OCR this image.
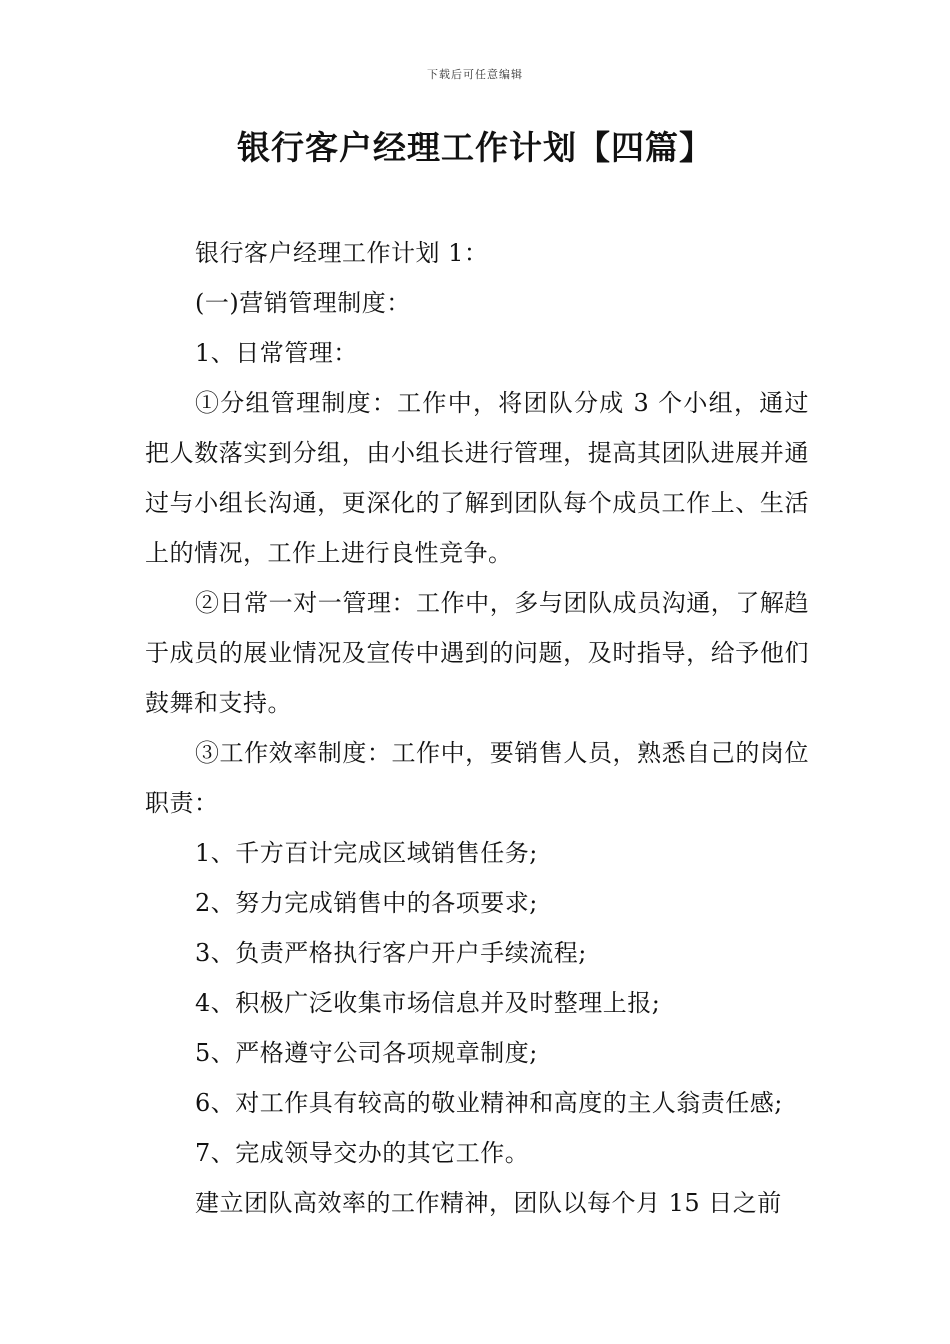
下载后可任意编辑
银行客户经理工作计划【四篇】

银行客户经理工作计划 1：

(一)营销管理制度：

1、日常管理：

①分组管理制度：工作中，将团队分成 3 个小组，通过把人数落实到分组，由小组长进行管理，提高其团队进展并通过与小组长沟通，更深化的了解到团队每个成员工作上、生活上的情况，工作上进行良性竞争。

②日常一对一管理：工作中，多与团队成员沟通，了解趋于成员的展业情况及宣传中遇到的问题，及时指导，给予他们鼓舞和支持。

③工作效率制度：工作中，要销售人员，熟悉自己的岗位职责：

1、千方百计完成区域销售任务;

2、努力完成销售中的各项要求;

3、负责严格执行客户开户手续流程;

4、积极广泛收集市场信息并及时整理上报;

5、严格遵守公司各项规章制度;

6、对工作具有较高的敬业精神和高度的主人翁责任感;

7、完成领导交办的其它工作。

建立团队高效率的工作精神，团队以每个月 15 日之前
